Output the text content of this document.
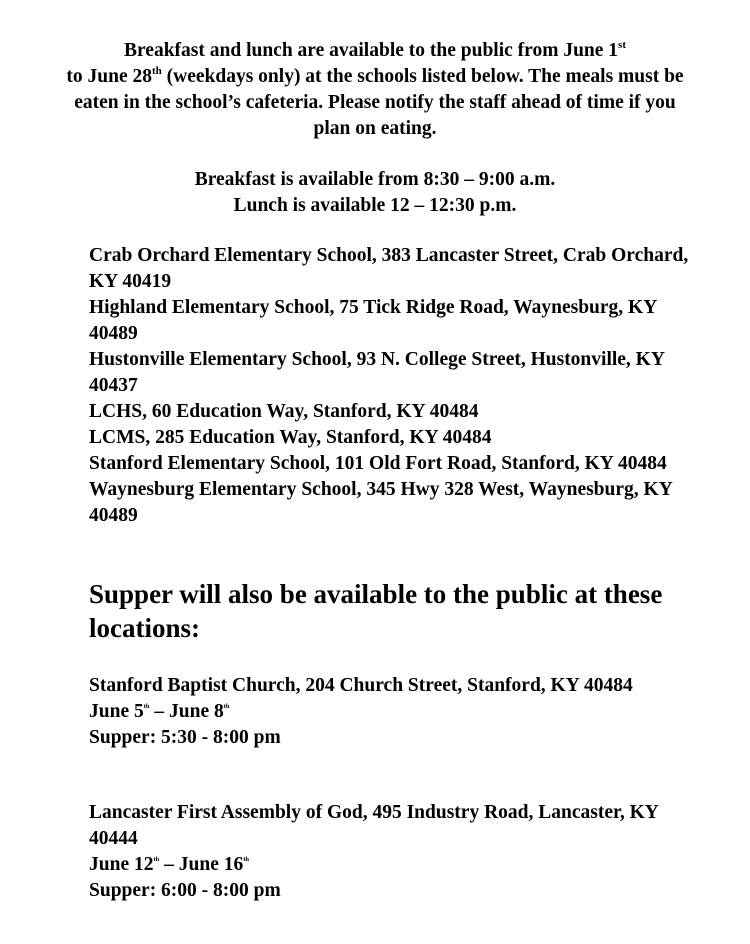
Breakfast and lunch are available to the public from June 1st
to June 28th (weekdays only) at the schools listed below. The meals must be eaten in the school’s cafeteria. Please notify the staff ahead of time if you plan on eating.

Breakfast is available from 8:30 – 9:00 a.m.

Lunch is available 12 – 12:30 p.m.

Crab Orchard Elementary School, 383 Lancaster Street, Crab Orchard, KY 40419

Highland Elementary School, 75 Tick Ridge Road, Waynesburg, KY 40489

Hustonville Elementary School, 93 N. College Street, Hustonville, KY 40437

LCHS, 60 Education Way, Stanford, KY 40484

LCMS, 285 Education Way, Stanford, KY 40484

Stanford Elementary School, 101 Old Fort Road, Stanford, KY 40484

Waynesburg Elementary School, 345 Hwy 328 West, Waynesburg, KY 40489

Supper will also be available to the public at these locations:

Stanford Baptist Church, 204 Church Street, Stanford, KY 40484

June 5th – June 8th

Supper: 5:30 - 8:00 pm

Lancaster First Assembly of God, 495 Industry Road, Lancaster, KY 40444

June 12th – June 16th

Supper: 6:00 - 8:00 pm
